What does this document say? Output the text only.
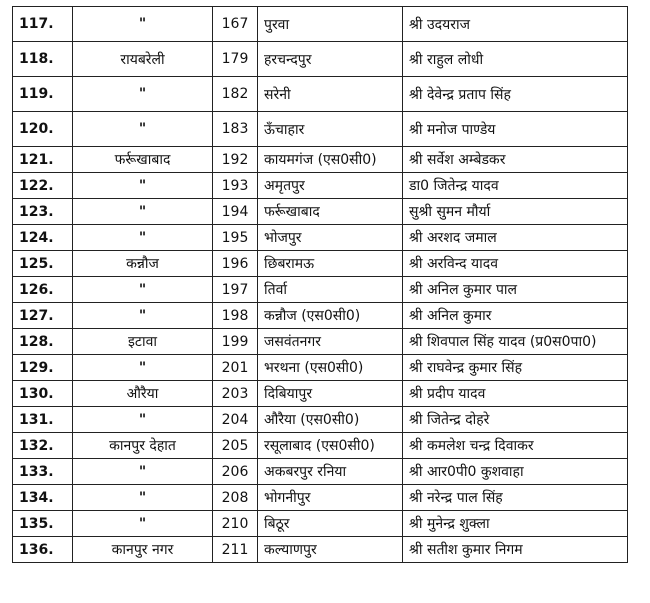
117.	"	167	पुरवा	श्री उदयराज
118.	रायबरेली	179	हरचन्दपुर	श्री राहुल लोधी
119.	"	182	सरेनी	श्री देवेन्द्र प्रताप सिंह
120.	"	183	ऊँचाहार	श्री मनोज पाण्डेय
121.	फर्रूखाबाद	192	कायमगंज (एस0सी0)	श्री सर्वेश अम्बेडकर
122.	"	193	अमृतपुर	डा0 जितेन्द्र यादव
123.	"	194	फर्रूखाबाद	सुश्री सुमन मौर्या
124.	"	195	भोजपुर	श्री अरशद जमाल
125.	कन्नौज	196	छिबरामऊ	श्री अरविन्द यादव
126.	"	197	तिर्वा	श्री अनिल कुमार पाल
127.	"	198	कन्नौज (एस0सी0)	श्री अनिल कुमार
128.	इटावा	199	जसवंतनगर	श्री शिवपाल सिंह यादव (प्र0स0पा0)
129.	"	201	भरथना (एस0सी0)	श्री राघवेन्द्र कुमार सिंह
130.	औरैया	203	दिबियापुर	श्री प्रदीप यादव
131.	"	204	औरैया (एस0सी0)	श्री जितेन्द्र दोहरे
132.	कानपुर देहात	205	रसूलाबाद (एस0सी0)	श्री कमलेश चन्द्र दिवाकर
133.	"	206	अकबरपुर रनिया	श्री आर0पी0 कुशवाहा
134.	"	208	भोगनीपुर	श्री नरेन्द्र पाल सिंह
135.	"	210	बिठूर	श्री मुनेन्द्र शुक्ला
136.	कानपुर नगर	211	कल्याणपुर	श्री सतीश कुमार निगम
